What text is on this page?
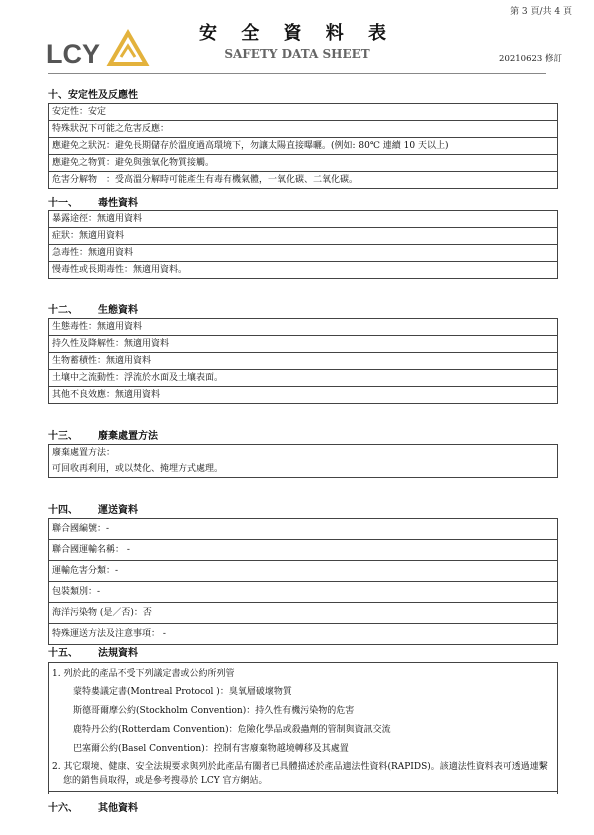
第 3 頁/共 4 頁
LCY
安 全 資 料 表
SAFETY DATA SHEET	20210623 修訂
十、安定性及反應性
安定性：安定
特殊狀況下可能之危害反應：
應避免之狀況：避免長期儲存於溫度過高環境下，勿讓太陽直接曝曬。(例如: 80℃ 連續 10 天以上)
應避免之物質：避免與強氧化物質接觸。
危害分解物　：受高溫分解時可能產生有毒有機氣體，一氧化碳、二氧化碳。
十一、 毒性資料
暴露途徑：無適用資料
症狀：無適用資料
急毒性：無適用資料
慢毒性或長期毒性：無適用資料。
十二、 生態資料
生態毒性：無適用資料
持久性及降解性：無適用資料
生物蓄積性：無適用資料
土壤中之流動性：浮流於水面及土壤表面。
其他不良效應：無適用資料
十三、 廢棄處置方法
廢棄處置方法：
可回收再利用，或以焚化、掩埋方式處理。
十四、 運送資料
聯合國編號：-
聯合國運輸名稱： -
運輸危害分類：-
包裝類別：-
海洋污染物 (是／否)：否
特殊運送方法及注意事項： -
十五、 法規資料
1. 列於此的產品不受下列議定書或公約所列管
蒙特婁議定書(Montreal Protocol )：臭氧層破壞物質
斯德哥爾摩公約(Stockholm Convention)：持久性有機污染物的危害
鹿特丹公約(Rotterdam Convention)：危險化學品或殺蟲劑的管制與資訊交流
巴塞爾公約(Basel Convention)：控制有害廢棄物越境轉移及其處置
2. 其它環境、健康、安全法規要求與列於此產品有關者已具體描述於產品適法性資料(RAPIDS)。該適法性資料表可透過連繫您的銷售員取得，或是參考搜尋於 LCY 官方網站。
十六、 其他資料
